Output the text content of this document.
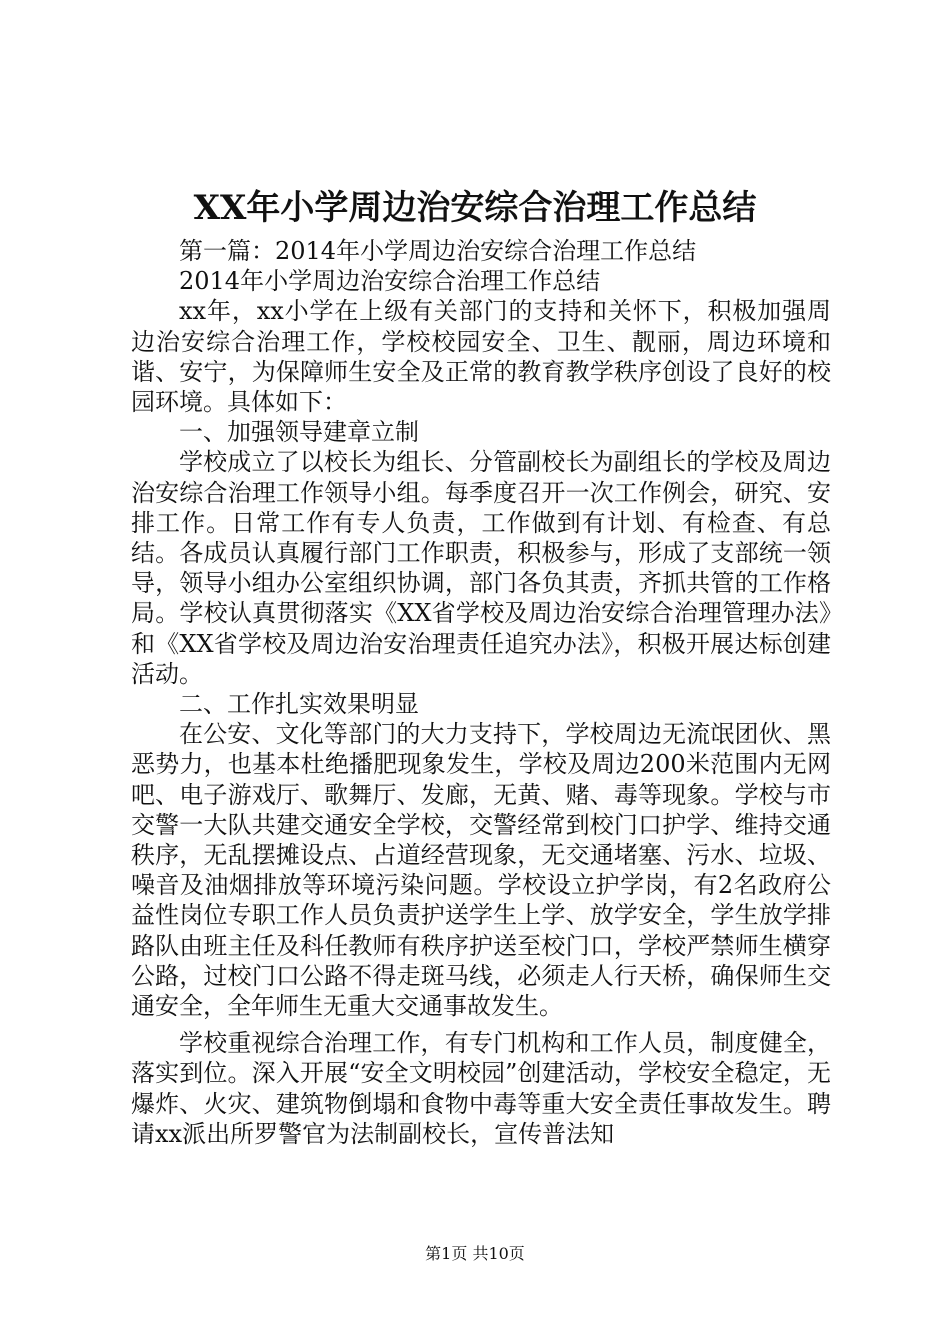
XX年小学周边治安综合治理工作总结

第一篇：2014年小学周边治安综合治理工作总结

2014年小学周边治安综合治理工作总结

xx年，xx小学在上级有关部门的支持和关怀下，积极加强周边治安综合治理工作，学校校园安全、卫生、靓丽，周边环境和谐、安宁，为保障师生安全及正常的教育教学秩序创设了良好的校园环境。具体如下：

一、加强领导建章立制

学校成立了以校长为组长、分管副校长为副组长的学校及周边治安综合治理工作领导小组。每季度召开一次工作例会，研究、安排工作。日常工作有专人负责，工作做到有计划、有检查、有总结。各成员认真履行部门工作职责，积极参与，形成了支部统一领导，领导小组办公室组织协调，部门各负其责，齐抓共管的工作格局。学校认真贯彻落实《XX省学校及周边治安综合治理管理办法》和《XX省学校及周边治安治理责任追究办法》，积极开展达标创建活动。

二、工作扎实效果明显

在公安、文化等部门的大力支持下，学校周边无流氓团伙、黑恶势力，也基本杜绝播肥现象发生，学校及周边200米范围内无网吧、电子游戏厅、歌舞厅、发廊，无黄、赌、毒等现象。学校与市交警一大队共建交通安全学校，交警经常到校门口护学、维持交通秩序，无乱摆摊设点、占道经营现象，无交通堵塞、污水、垃圾、噪音及油烟排放等环境污染问题。学校设立护学岗，有2名政府公益性岗位专职工作人员负责护送学生上学、放学安全，学生放学排路队由班主任及科任教师有秩序护送至校门口，学校严禁师生横穿公路，过校门口公路不得走斑马线，必须走人行天桥，确保师生交通安全，全年师生无重大交通事故发生。

学校重视综合治理工作，有专门机构和工作人员，制度健全，落实到位。深入开展“安全文明校园”创建活动，学校安全稳定，无爆炸、火灾、建筑物倒塌和食物中毒等重大安全责任事故发生。聘请xx派出所罗警官为法制副校长，宣传普法知

第1页 共10页
